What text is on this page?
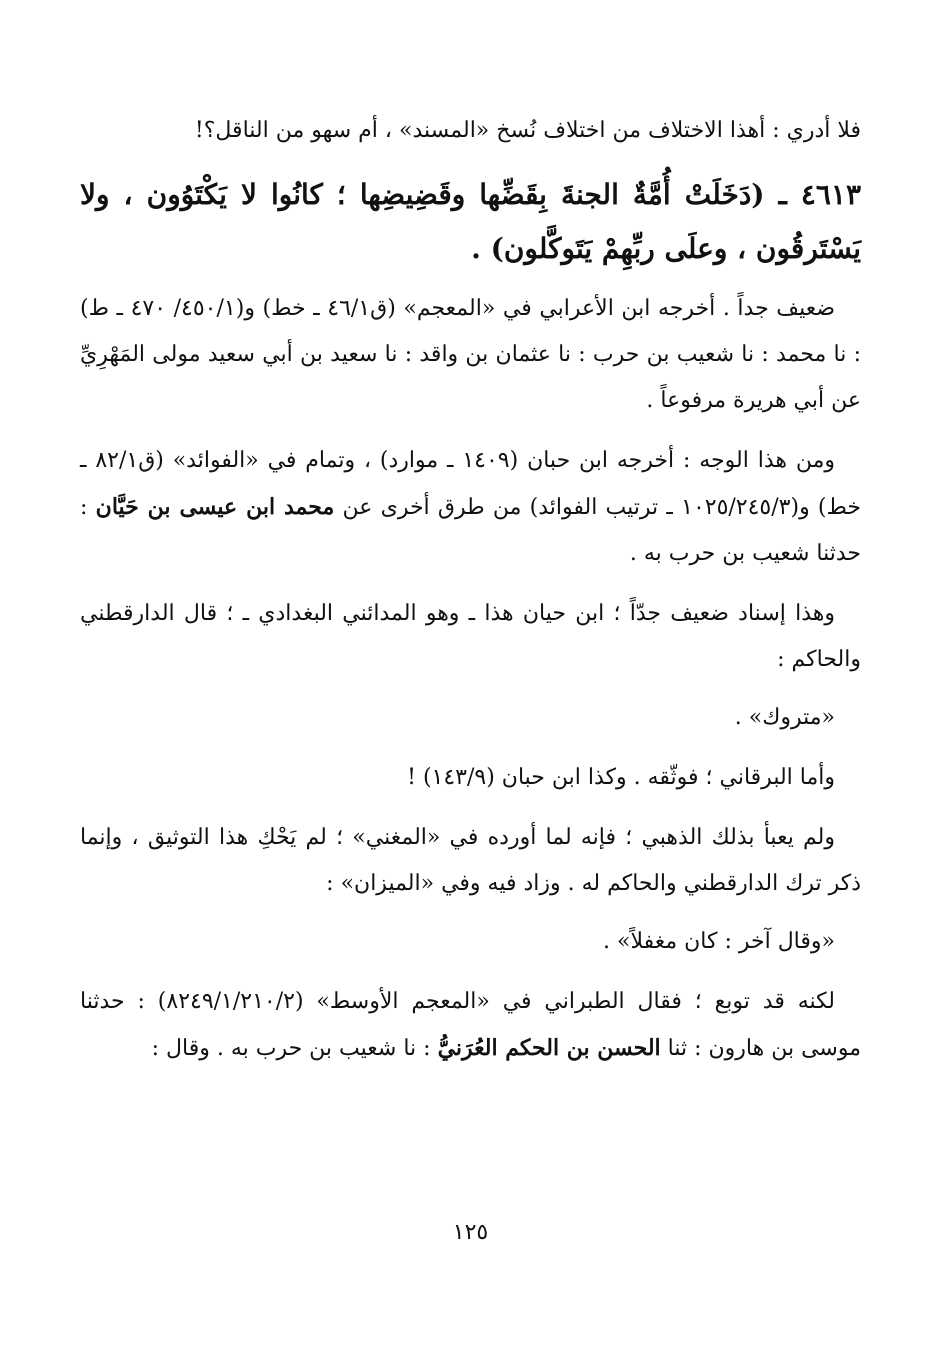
فلا أدري : أهذا الاختلاف من اختلاف نُسخ «المسند» ، أم سهو من الناقل؟!

٤٦١٣ ـ (دَخَلَتْ أُمَّةٌ الجنةَ بِقَضِّها وقَضِيضِها ؛ كانُوا لا يَكْتَوُون ، ولا يَسْتَرقُون ، وعلَى ربِّهِمْ يَتَوكَّلون) .

ضعيف جداً . أخرجه ابن الأعرابي في «المعجم» (ق٤٦/١ ـ خط) و(٤٥٠/١/ ٤٧٠ ـ ط) : نا محمد : نا شعيب بن حرب : نا عثمان بن واقد : نا سعيد بن أبي سعيد مولى المَهْرِيِّ عن أبي هريرة مرفوعاً .

ومن هذا الوجه : أخرجه ابن حبان (١٤٠٩ ـ موارد) ، وتمام في «الفوائد» (ق٨٢/١ ـ خط) و(١٠٢٥/٢٤٥/٣ ـ ترتيب الفوائد) من طرق أخرى عن محمد ابن عيسى بن حَيَّان : حدثنا شعيب بن حرب به .

وهذا إسناد ضعيف جدّاً ؛ ابن حيان هذا ـ وهو المدائني البغدادي ـ ؛ قال الدارقطني والحاكم :

«متروك» .

وأما البرقاني ؛ فوثّقه . وكذا ابن حبان (١٤٣/٩) !

ولم يعبأ بذلك الذهبي ؛ فإنه لما أورده في «المغني» ؛ لم يَحْكِ هذا التوثيق ، وإنما ذكر ترك الدارقطني والحاكم له . وزاد فيه وفي «الميزان» :

«وقال آخر : كان مغفلاً» .

لكنه قد توبع ؛ فقال الطبراني في «المعجم الأوسط» (٨٢٤٩/١/٢١٠/٢) : حدثنا موسى بن هارون : ثنا الحسن بن الحكم العُرَنيُّ : نا شعيب بن حرب به . وقال :

١٢٥
